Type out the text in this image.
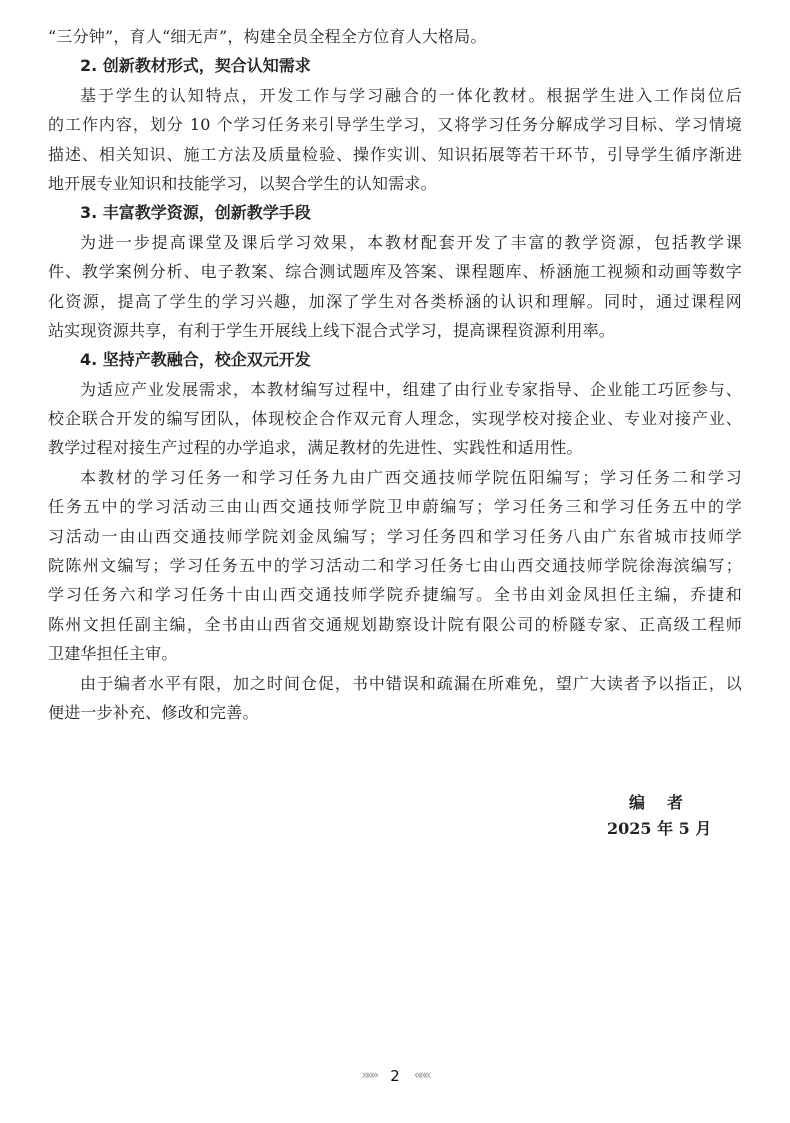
“三分钟”，育人“细无声”，构建全员全程全方位育人大格局。
2. 创新教材形式，契合认知需求
基于学生的认知特点，开发工作与学习融合的一体化教材。根据学生进入工作岗位后
的工作内容，划分 10 个学习任务来引导学生学习，又将学习任务分解成学习目标、学习情境
描述、相关知识、施工方法及质量检验、操作实训、知识拓展等若干环节，引导学生循序渐进
地开展专业知识和技能学习，以契合学生的认知需求。
3. 丰富教学资源，创新教学手段
为进一步提高课堂及课后学习效果，本教材配套开发了丰富的教学资源，包括教学课
件、教学案例分析、电子教案、综合测试题库及答案、课程题库、桥涵施工视频和动画等数字
化资源，提高了学生的学习兴趣，加深了学生对各类桥涵的认识和理解。同时，通过课程网
站实现资源共享，有利于学生开展线上线下混合式学习，提高课程资源利用率。
4. 坚持产教融合，校企双元开发
为适应产业发展需求，本教材编写过程中，组建了由行业专家指导、企业能工巧匠参与、
校企联合开发的编写团队，体现校企合作双元育人理念，实现学校对接企业、专业对接产业、
教学过程对接生产过程的办学追求，满足教材的先进性、实践性和适用性。
本教材的学习任务一和学习任务九由广西交通技师学院伍阳编写；学习任务二和学习
任务五中的学习活动三由山西交通技师学院卫申蔚编写；学习任务三和学习任务五中的学
习活动一由山西交通技师学院刘金凤编写；学习任务四和学习任务八由广东省城市技师学
院陈州文编写；学习任务五中的学习活动二和学习任务七由山西交通技师学院徐海滨编写；
学习任务六和学习任务十由山西交通技师学院乔捷编写。全书由刘金凤担任主编，乔捷和
陈州文担任副主编，全书由山西省交通规划勘察设计院有限公司的桥隧专家、正高级工程师
卫建华担任主审。
由于编者水平有限，加之时间仓促，书中错误和疏漏在所难免，望广大读者予以指正，以
便进一步补充、修改和完善。
编者
2025 年 5 月
»»» 2 «««
